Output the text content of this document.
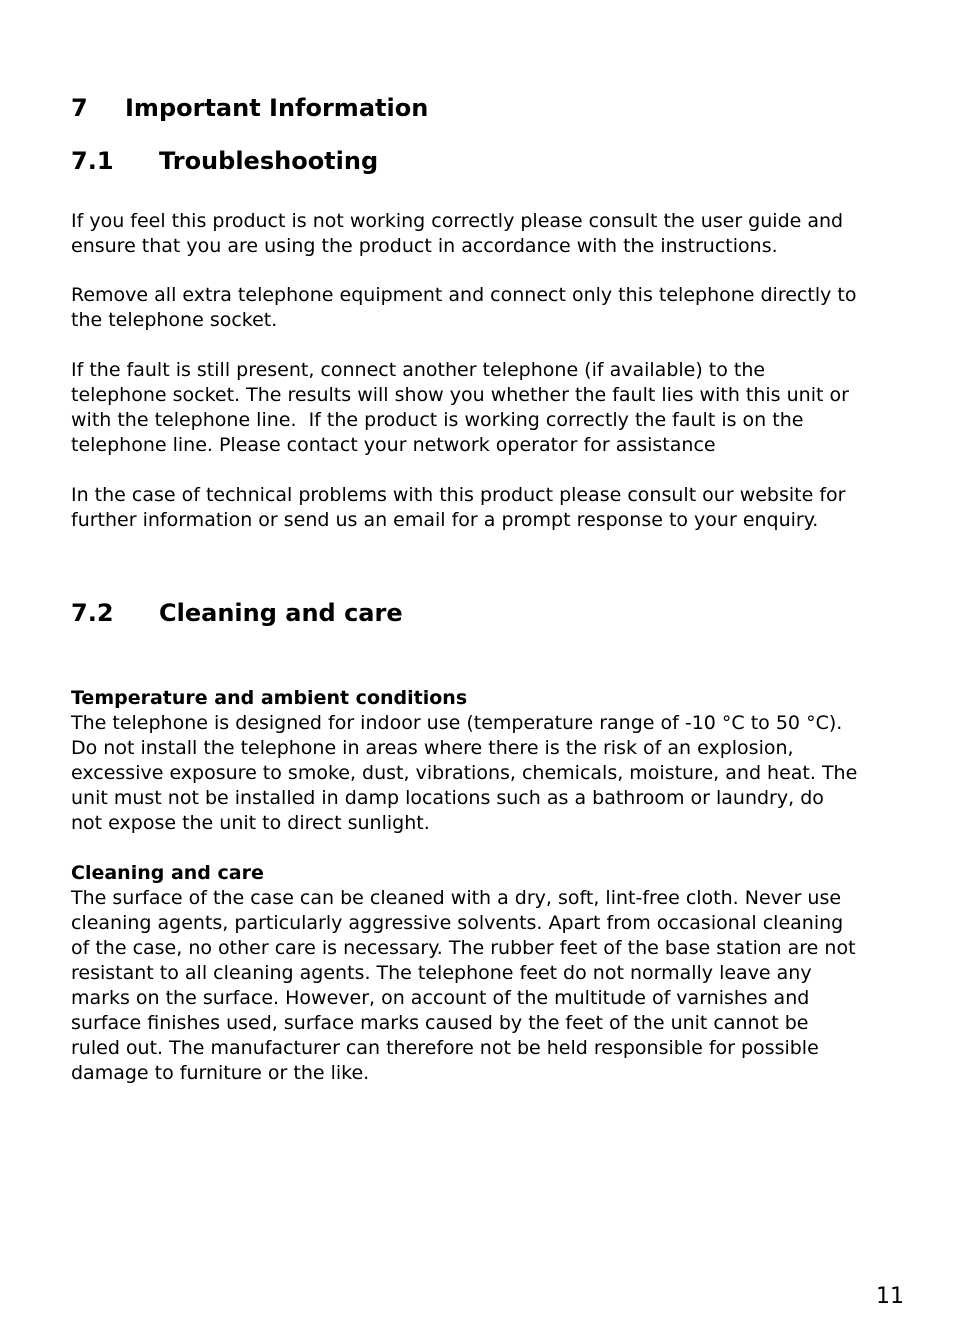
7 Important Information
7.1 Troubleshooting
If you feel this product is not working correctly please consult the user guide and
ensure that you are using the product in accordance with the instructions.
Remove all extra telephone equipment and connect only this telephone directly to
the telephone socket.
If the fault is still present, connect another telephone (if available) to the
telephone socket. The results will show you whether the fault lies with this unit or
with the telephone line.  If the product is working correctly the fault is on the
telephone line. Please contact your network operator for assistance
In the case of technical problems with this product please consult our website for
further information or send us an email for a prompt response to your enquiry.
7.2 Cleaning and care
Temperature and ambient conditions
The telephone is designed for indoor use (temperature range of -10 °C to 50 °C).
Do not install the telephone in areas where there is the risk of an explosion,
excessive exposure to smoke, dust, vibrations, chemicals, moisture, and heat. The
unit must not be installed in damp locations such as a bathroom or laundry, do
not expose the unit to direct sunlight.
Cleaning and care
The surface of the case can be cleaned with a dry, soft, lint-free cloth. Never use
cleaning agents, particularly aggressive solvents. Apart from occasional cleaning
of the case, no other care is necessary. The rubber feet of the base station are not
resistant to all cleaning agents. The telephone feet do not normally leave any
marks on the surface. However, on account of the multitude of varnishes and
surface finishes used, surface marks caused by the feet of the unit cannot be
ruled out. The manufacturer can therefore not be held responsible for possible
damage to furniture or the like.
11
